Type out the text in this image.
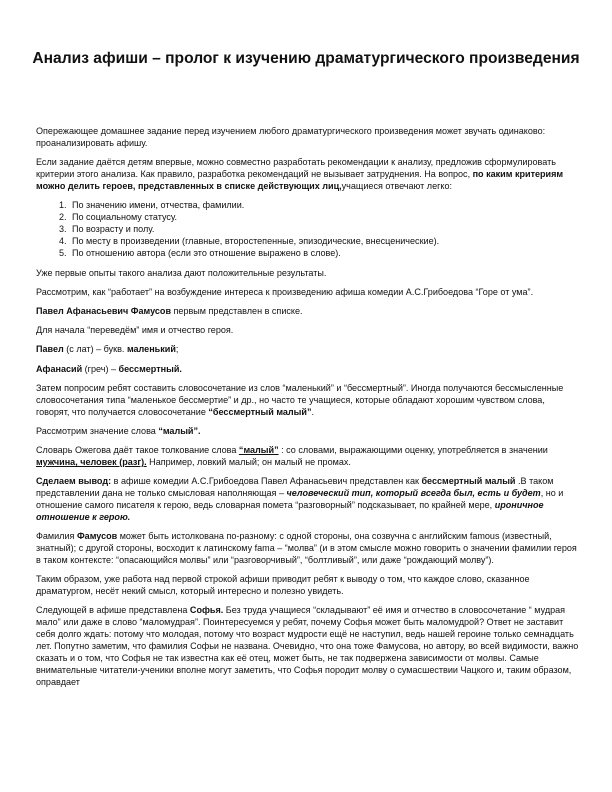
Анализ афиши – пролог к изучению драматургического произведения

Опережающее домашнее задание перед изучением любого драматургического произведения может звучать одинаково: проанализировать афишу.

Если задание даётся детям впервые, можно совместно разработать рекомендации к анализу, предложив сформулировать критерии этого анализа. Как правило, разработка рекомендаций не вызывает затруднения. На вопрос, по каким критериям можно делить героев, представленных в списке действующих лиц,учащиеся отвечают легко:

1. По значению имени, отчества, фамилии.
2. По социальному статусу.
3. По возрасту и полу.
4. По месту в произведении (главные, второстепенные, эпизодические, внесценические).
5. По отношению автора (если это отношение выражено в слове).

Уже первые опыты такого анализа дают положительные результаты.

Рассмотрим, как “работает” на возбуждение интереса к произведению афиша комедии А.С.Грибоедова “Горе от ума”.

Павел Афанасьевич Фамусов первым представлен в списке.

Для начала “переведём” имя и отчество героя.

Павел (с лат) – букв. маленький;

Афанасий (греч) – бессмертный.

Затем попросим ребят составить словосочетание из слов “маленький” и “бессмертный”. Иногда получаются бессмысленные словосочетания типа “маленькое бессмертие” и др., но часто те учащиеся, которые обладают хорошим чувством слова, говорят, что получается словосочетание “бессмертный малый”.

Рассмотрим значение слова “малый”.

Словарь Ожегова даёт такое толкование слова “малый” : со словами, выражающими оценку, употребляется в значении мужчина, человек (разг). Например, ловкий малый; он малый не промах.

Сделаем вывод: в афише комедии А.С.Грибоедова Павел Афанасьевич представлен как бессмертный малый .В таком представлении дана не только смысловая наполняющая – человеческий тип, который всегда был, есть и будет, но и отношение самого писателя к герою, ведь словарная помета “разговорный” подсказывает, по крайней мере, ироничное отношение к герою.

Фамилия Фамусов может быть истолкована по-разному: с одной стороны, она созвучна с английским famous (известный, знатный); с другой стороны, восходит к латинскому fama – “молва” (и в этом смысле можно говорить о значении фамилии героя в таком контексте: “опасающийся молвы” или “разговорчивый”, “болтливый”, или даже “рождающий молву”).

Таким образом, уже работа над первой строкой афиши приводит ребят к выводу о том, что каждое слово, сказанное драматургом, несёт некий смысл, который интересно и полезно увидеть.

Следующей в афише представлена Софья. Без труда учащиеся “складывают” её имя и отчество в словосочетание “ мудрая мало” или даже в слово “маломудрая”. Поинтересуемся у ребят, почему Софья может быть маломудрой? Ответ не заставит себя долго ждать: потому что молодая, потому что возраст мудрости ещё не наступил, ведь нашей героине только семнадцать лет. Попутно заметим, что фамилия Софьи не названа. Очевидно, что она тоже Фамусова, но автору, во всей видимости, важно сказать и о том, что Софья не так известна как её отец, может быть, не так подвержена зависимости от молвы. Самые внимательные читатели-ученики вполне могут заметить, что Софья породит молву о сумасшествии Чацкого и, таким образом, оправдает
